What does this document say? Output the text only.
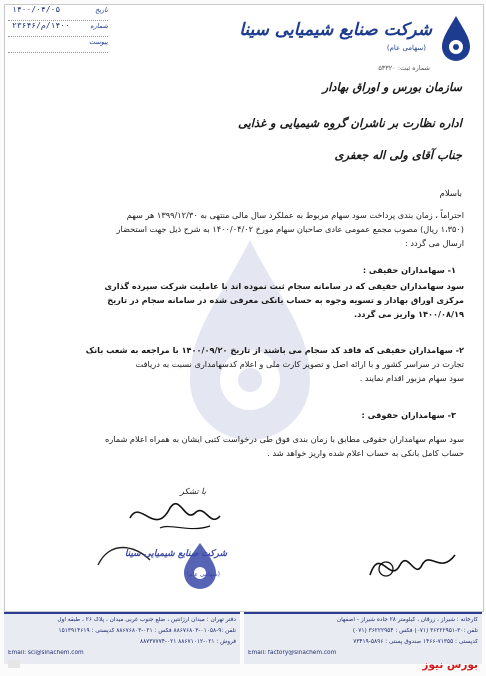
شرکت صنایع شیمیایی سینا
(سهامی عام)
شماره ثبت: ۵۳۳۲۰
تاریخ
۱۴۰۰/۰۴/۰۵
شماره
۱۴۰۰/م/۲۳۶۴۶
پیوست
سازمان بورس و اوراق بهادار
اداره نظارت بر ناشران گروه شیمیایی و غذایی
جناب آقای ولی اله جعفری
باسلام
احتراماً ، زمان بندی پرداخت سود سهام مربوط به عملکرد سال مالی منتهی به ۱۳۹۹/۱۲/۳۰ هر سهم
(۱،۳۵۰ ریال) مصوب مجمع عمومی عادی صاحبان سهام مورخ ۱۴۰۰/۰۴/۰۲ به شرح ذیل جهت استحضار
ارسال می گردد :
۱- سهامداران حقیقی :
سود سهامداران حقیقی که در سامانه سجام ثبت نموده اند با عاملیت شرکت سپرده گذاری
مرکزی اوراق بهادار و تسویه وجوه به حساب بانکی معرفی شده در سامانه سجام در تاریخ
۱۴۰۰/۰۸/۱۹ واریز می گردد.
۲- سهامداران حقیقی که فاقد کد سجام می باشند از تاریخ ۱۴۰۰/۰۹/۲۰ با مراجعه به شعب بانک
تجارت در سراسر کشور و با ارائه اصل و تصویر کارت ملی و اعلام کدسهامداری نسبت به دریافت
سود سهام مزبور اقدام نمایند .
۳- سهامداران حقوقی :
سود سهام سهامداران حقوقی مطابق با زمان بندی فوق طی درخواست کتبی ایشان به همراه اعلام شماره
حساب کامل بانکی به حساب اعلام شده واریز خواهد شد .
با تشکر
شرکت صنایع شیمیایی سینا
(سهامی عام)
دفتر تهران : میدان آرژانتین ، ضلع جنوب غربی میدان ، پلاک ۲۶ ، طبقه اول
تلفن :۹-۰۱۰۵۸-۸۸۶۷۶۸۰۳ فکس : ۰۲۱-۸۸۶۷۶۸۰۳ کدپستی : ۱۵۱۳۹۱۴۶۱۹
فروش : ۰۲۱-۸۸۶۷۱۰۱۲ ۰۲۱-۸۸۷۳۷۷۷۴
Email: sci@sinachem.com
کارخانه : شیراز ، زرقان ، کیلومتر ۲۸ جاده شیراز - اصفهان
تلفن :۳۰-۳۶۲۲۲۹۵۱ (۰۷۱) فکس : ۳۶۲۲۲۹۵۴ (۰۷۱)
کدپستی : ۷۱۳۵۵-۱۴۶۶ صندوق پستی : ۵۸۹۶-۷۳۴۱۹
Email: factory@sinachem.com
بورس نیوز
